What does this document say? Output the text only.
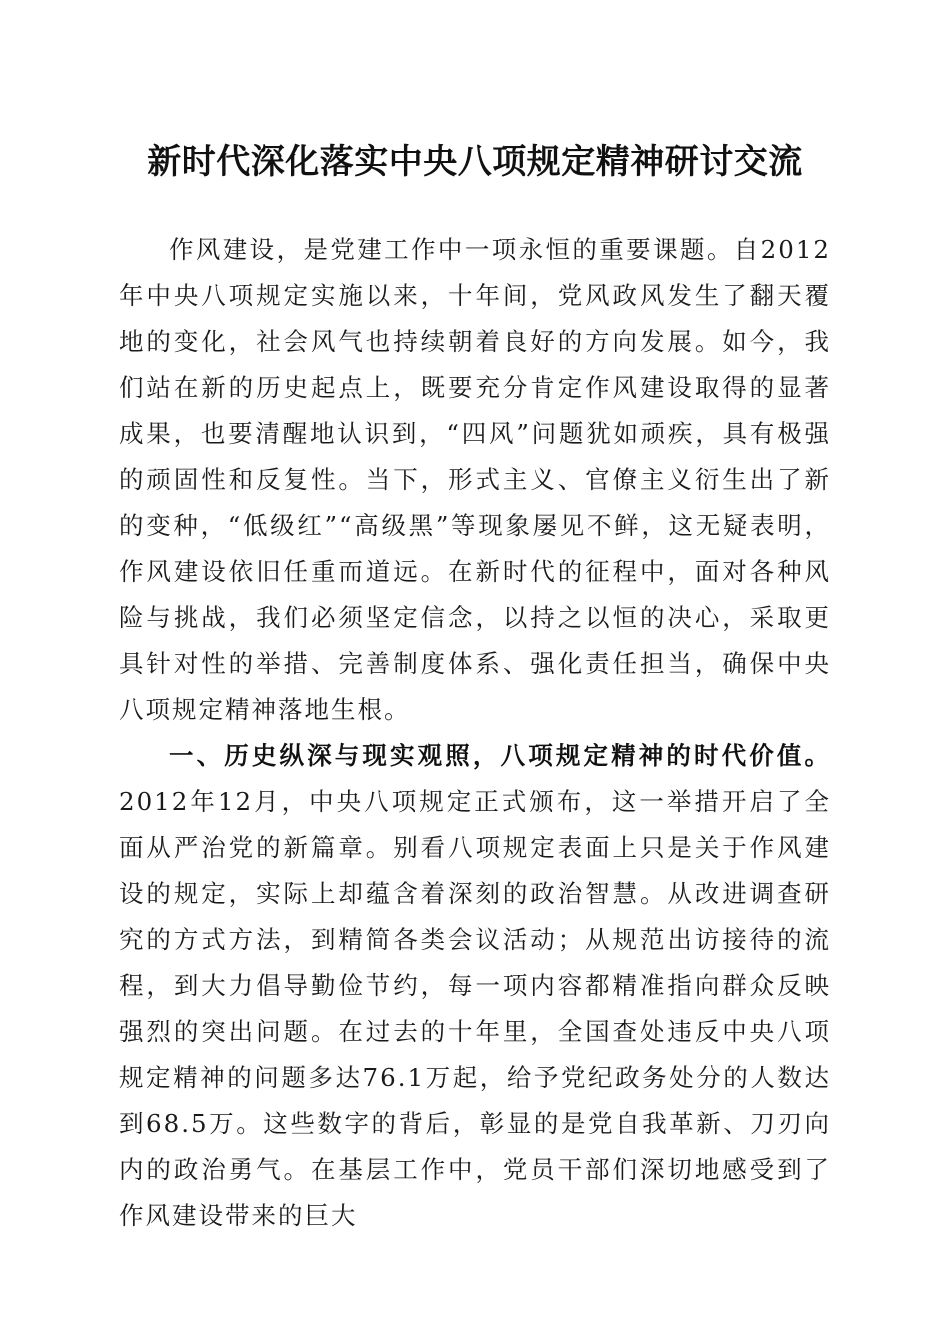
新时代深化落实中央八项规定精神研讨交流

作风建设，是党建工作中一项永恒的重要课题。自2012年中央八项规定实施以来，十年间，党风政风发生了翻天覆地的变化，社会风气也持续朝着良好的方向发展。如今，我们站在新的历史起点上，既要充分肯定作风建设取得的显著成果，也要清醒地认识到，“四风”问题犹如顽疾，具有极强的顽固性和反复性。当下，形式主义、官僚主义衍生出了新的变种，“低级红”“高级黑”等现象屡见不鲜，这无疑表明，作风建设依旧任重而道远。在新时代的征程中，面对各种风险与挑战，我们必须坚定信念，以持之以恒的决心，采取更具针对性的举措、完善制度体系、强化责任担当，确保中央八项规定精神落地生根。

一、历史纵深与现实观照，八项规定精神的时代价值。2012年12月，中央八项规定正式颁布，这一举措开启了全面从严治党的新篇章。别看八项规定表面上只是关于作风建设的规定，实际上却蕴含着深刻的政治智慧。从改进调查研究的方式方法，到精简各类会议活动；从规范出访接待的流程，到大力倡导勤俭节约，每一项内容都精准指向群众反映强烈的突出问题。在过去的十年里，全国查处违反中央八项规定精神的问题多达76.1万起，给予党纪政务处分的人数达到68.5万。这些数字的背后，彰显的是党自我革新、刀刃向内的政治勇气。在基层工作中，党员干部们深切地感受到了作风建设带来的巨大
